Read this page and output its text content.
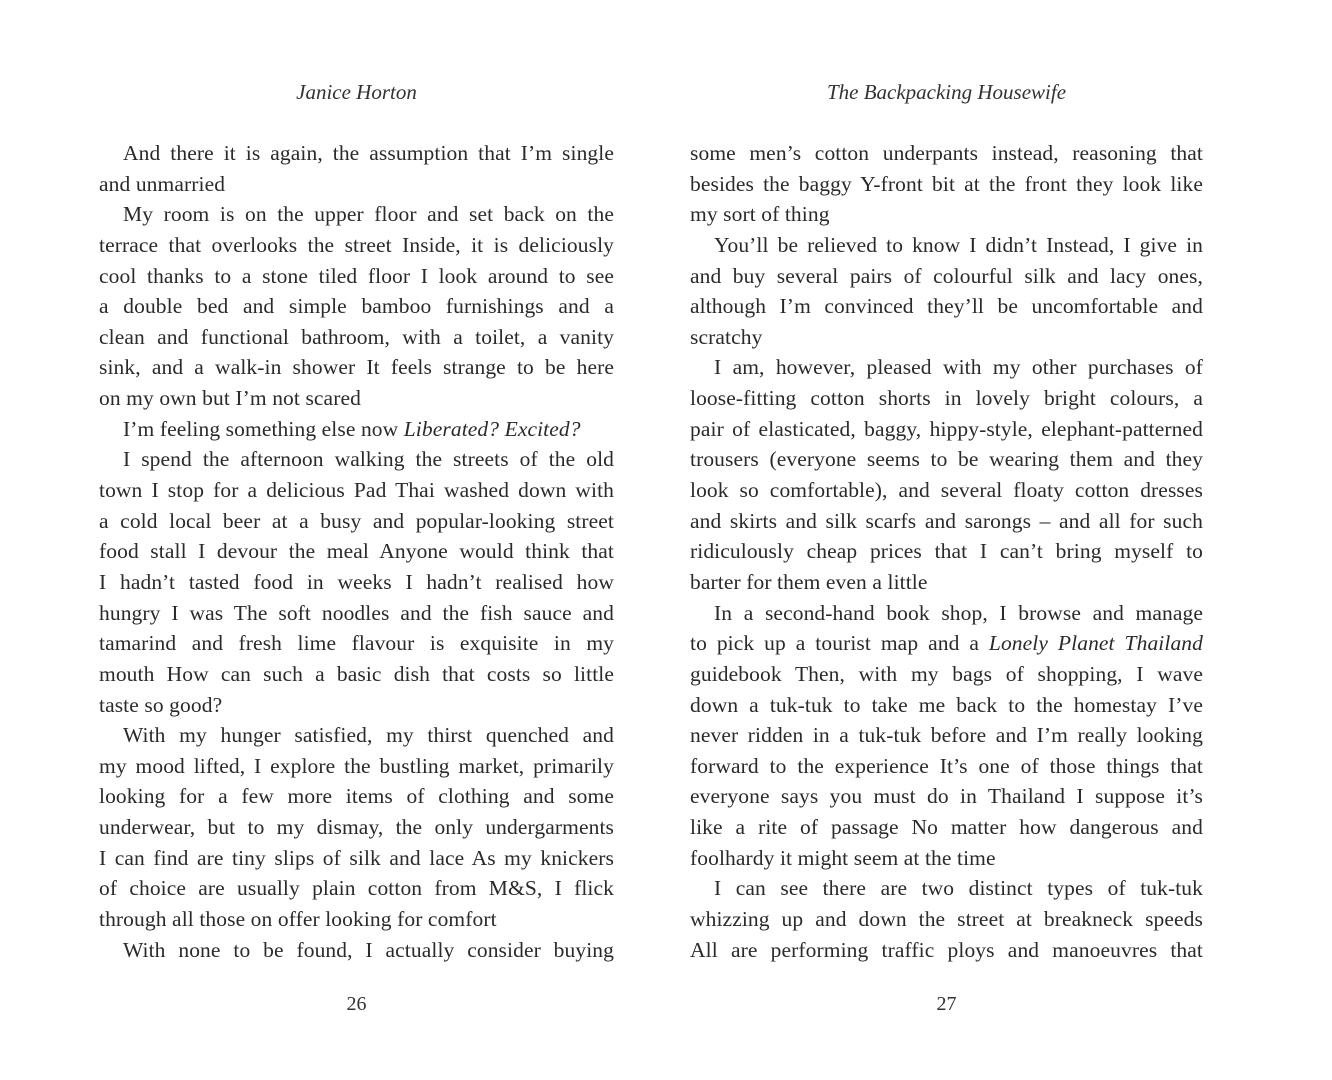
Janice Horton
And there it is again, the assumption that I’m single
and unmarried
My room is on the upper floor and set back on the
terrace that overlooks the street Inside, it is deliciously
cool thanks to a stone tiled floor I look around to see
a double bed and simple bamboo furnishings and a
clean and functional bathroom, with a toilet, a vanity
sink, and a walk-in shower It feels strange to be here
on my own but I’m not scared
I’m feeling something else now Liberated? Excited?
I spend the afternoon walking the streets of the old
town I stop for a delicious Pad Thai washed down with
a cold local beer at a busy and popular-looking street
food stall I devour the meal Anyone would think that
I hadn’t tasted food in weeks I hadn’t realised how
hungry I was The soft noodles and the fish sauce and
tamarind and fresh lime flavour is exquisite in my
mouth How can such a basic dish that costs so little
taste so good?
With my hunger satisfied, my thirst quenched and
my mood lifted, I explore the bustling market, primarily
looking for a few more items of clothing and some
underwear, but to my dismay, the only undergarments
I can find are tiny slips of silk and lace As my knickers
of choice are usually plain cotton from M&S, I flick
through all those on offer looking for comfort
With none to be found, I actually consider buying
26
The Backpacking Housewife
some men’s cotton underpants instead, reasoning that
besides the baggy Y-front bit at the front they look like
my sort of thing
You’ll be relieved to know I didn’t Instead, I give in
and buy several pairs of colourful silk and lacy ones,
although I’m convinced they’ll be uncomfortable and
scratchy
I am, however, pleased with my other purchases of
loose-fitting cotton shorts in lovely bright colours, a
pair of elasticated, baggy, hippy-style, elephant-patterned
trousers (everyone seems to be wearing them and they
look so comfortable), and several floaty cotton dresses
and skirts and silk scarfs and sarongs – and all for such
ridiculously cheap prices that I can’t bring myself to
barter for them even a little
In a second-hand book shop, I browse and manage
to pick up a tourist map and a Lonely Planet Thailand
guidebook Then, with my bags of shopping, I wave
down a tuk-tuk to take me back to the homestay I’ve
never ridden in a tuk-tuk before and I’m really looking
forward to the experience It’s one of those things that
everyone says you must do in Thailand I suppose it’s
like a rite of passage No matter how dangerous and
foolhardy it might seem at the time
I can see there are two distinct types of tuk-tuk
whizzing up and down the street at breakneck speeds
All are performing traffic ploys and manoeuvres that
27
